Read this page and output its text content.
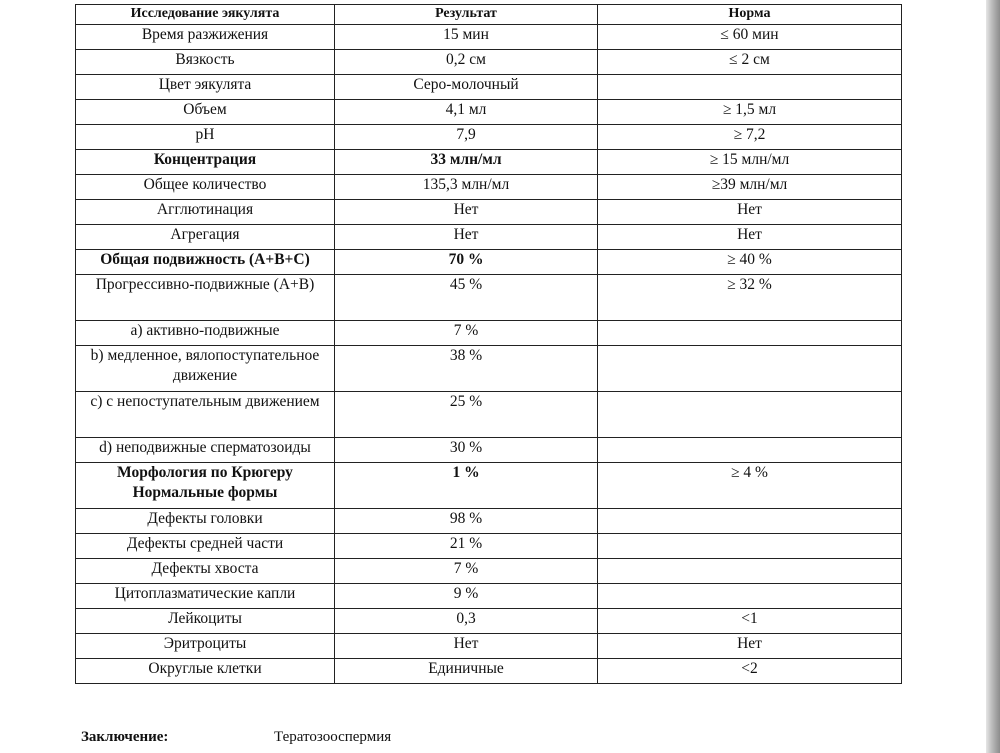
Исследование эякулята	Результат	Норма
Время разжижения	15 мин	≤ 60 мин
Вязкость	0,2 см	≤ 2 см
Цвет эякулята	Серо-молочный	
Объем	4,1 мл	≥ 1,5 мл
pH	7,9	≥ 7,2
Концентрация	33 млн/мл	≥ 15 млн/мл
Общее количество	135,3 млн/мл	≥39 млн/мл
Агглютинация	Нет	Нет
Агрегация	Нет	Нет
Общая подвижность (A+B+C)	70 %	≥ 40 %
Прогрессивно-подвижные (A+B)	45 %	≥ 32 %
a) активно-подвижные	7 %	
b) медленное, вялопоступательное движение	38 %	
c) с непоступательным движением	25 %	
d) неподвижные сперматозоиды	30 %	
Морфология по Крюгеру Нормальные формы	1 %	≥ 4 %
Дефекты головки	98 %	
Дефекты средней части	21 %	
Дефекты хвоста	7 %	
Цитоплазматические капли	9 %	
Лейкоциты	0,3	<1
Эритроциты	Нет	Нет
Округлые клетки	Единичные	<2
Заключение:	Тератозооспермия
